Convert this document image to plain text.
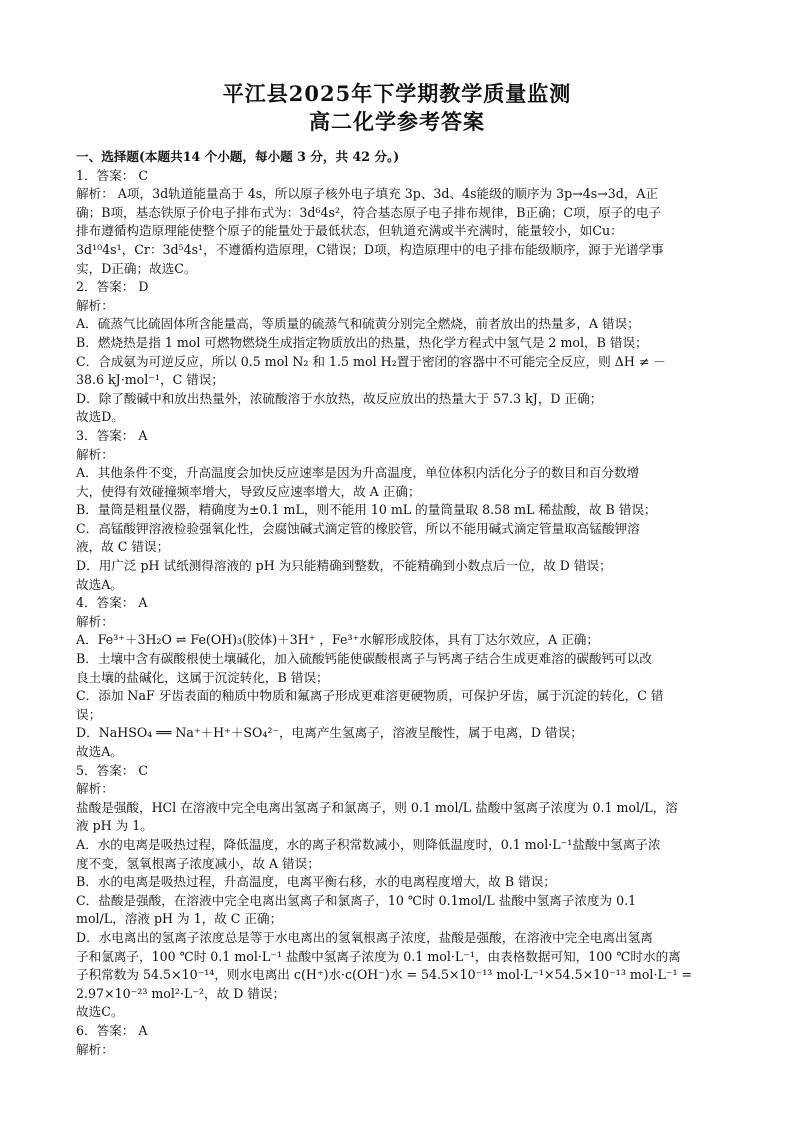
平江县2025年下学期教学质量监测
高二化学参考答案
一、选择题(本题共14 个小题，每小题 3 分，共 42 分。)
1．答案： C
解析： A项，3d轨道能量高于 4s，所以原子核外电子填充 3p、3d、4s能级的顺序为 3p→4s→3d，A正
确；B项，基态铁原子价电子排布式为：3d⁶4s²，符合基态原子电子排布规律，B正确；C项，原子的电子
排布遵循构造原理能使整个原子的能量处于最低状态，但轨道充满或半充满时，能量较小，如Cu：
3d¹⁰4s¹，Cr：3d⁵4s¹，不遵循构造原理，C错误；D项，构造原理中的电子排布能级顺序，源于光谱学事
实，D正确；故选C。
2．答案： D
解析：
A．硫蒸气比硫固体所含能量高，等质量的硫蒸气和硫黄分别完全燃烧，前者放出的热量多，A 错误；
B．燃烧热是指 1 mol 可燃物燃烧生成指定物质放出的热量，热化学方程式中氢气是 2 mol，B 错误；
C．合成氨为可逆反应，所以 0.5 mol N₂ 和 1.5 mol H₂置于密闭的容器中不可能完全反应，则 ΔH ≠ －
38.6 kJ·mol⁻¹，C 错误；
D．除了酸碱中和放出热量外，浓硫酸溶于水放热，故反应放出的热量大于 57.3 kJ，D 正确；
故选D。
3．答案： A
解析：
A．其他条件不变，升高温度会加快反应速率是因为升高温度，单位体积内活化分子的数目和百分数增
大，使得有效碰撞频率增大，导致反应速率增大，故 A 正确；
B．量筒是粗量仪器，精确度为±0.1 mL，则不能用 10 mL 的量筒量取 8.58 mL 稀盐酸，故 B 错误；
C．高锰酸钾溶液检验强氧化性，会腐蚀碱式滴定管的橡胶管，所以不能用碱式滴定管量取高锰酸钾溶
液，故 C 错误；
D．用广泛 pH 试纸测得溶液的 pH 为只能精确到整数，不能精确到小数点后一位，故 D 错误；
故选A。
4．答案： A
解析：
A．Fe³⁺＋3H₂O ⇌ Fe(OH)₃(胶体)＋3H⁺ ，Fe³⁺水解形成胶体，具有丁达尔效应，A 正确；
B．土壤中含有碳酸根使土壤碱化，加入硫酸钙能使碳酸根离子与钙离子结合生成更难溶的碳酸钙可以改
良土壤的盐碱化，这属于沉淀转化，B 错误；
C．添加 NaF 牙齿表面的釉质中物质和氟离子形成更难溶更硬物质，可保护牙齿，属于沉淀的转化，C 错
误；
D．NaHSO₄ ══ Na⁺＋H⁺＋SO₄²⁻，电离产生氢离子，溶液呈酸性，属于电离，D 错误；
故选A。
5．答案： C
解析：
盐酸是强酸，HCl 在溶液中完全电离出氢离子和氯离子，则 0.1 mol/L 盐酸中氢离子浓度为 0.1 mol/L，溶
液 pH 为 1。
A．水的电离是吸热过程，降低温度，水的离子积常数减小，则降低温度时，0.1 mol·L⁻¹盐酸中氢离子浓
度不变，氢氧根离子浓度减小，故 A 错误；
B．水的电离是吸热过程，升高温度，电离平衡右移，水的电离程度增大，故 B 错误；
C．盐酸是强酸，在溶液中完全电离出氢离子和氯离子，10 ℃时 0.1mol/L 盐酸中氢离子浓度为 0.1
mol/L，溶液 pH 为 1，故 C 正确；
D．水电离出的氢离子浓度总是等于水电离出的氢氧根离子浓度，盐酸是强酸，在溶液中完全电离出氢离
子和氯离子，100 ℃时 0.1 mol·L⁻¹ 盐酸中氢离子浓度为 0.1 mol·L⁻¹，由表格数据可知，100 ℃时水的离
子积常数为 54.5×10⁻¹⁴，则水电离出 c(H⁺)水·c(OH⁻)水 = 54.5×10⁻¹³ mol·L⁻¹×54.5×10⁻¹³ mol·L⁻¹ =
2.97×10⁻²³ mol²·L⁻²，故 D 错误；
故选C。
6．答案： A
解析：
